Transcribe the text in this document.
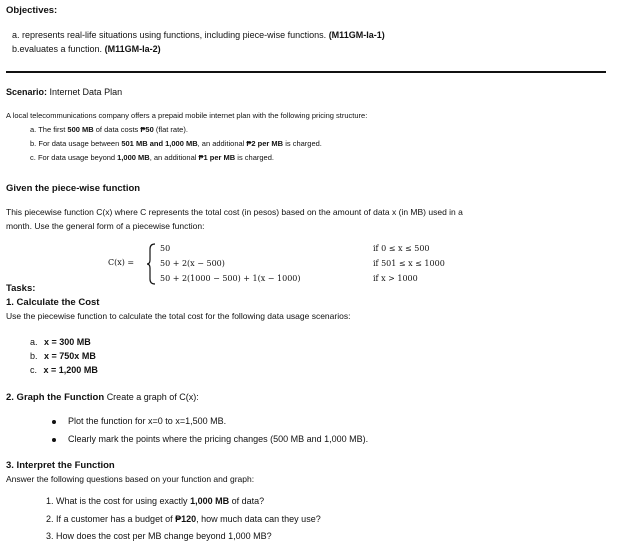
Objectives:
a. represents real-life situations using functions, including piece-wise functions. (M11GM-Ia-1)
b.evaluates a function. (M11GM-Ia-2)
Scenario: Internet Data Plan
A local telecommunications company offers a prepaid mobile internet plan with the following pricing structure:
a. The first 500 MB of data costs ₱50 (flat rate).
b. For data usage between 501 MB and 1,000 MB, an additional ₱2 per MB is charged.
c. For data usage beyond 1,000 MB, an additional ₱1 per MB is charged.
Given the piece-wise function
This piecewise function C(x) where C represents the total cost (in pesos) based on the amount of data x (in MB) used in a
month. Use the general form of a piecewise function:
C(x) =
50	if 0 ≤ x ≤ 500
50 + 2(x − 500)	if 501 ≤ x ≤ 1000
50 + 2(1000 − 500) + 1(x − 1000)	if x > 1000
Tasks:
1. Calculate the Cost
Use the piecewise function to calculate the total cost for the following data usage scenarios:
a. x = 300 MB
b. x = 750x MB
c. x = 1,200 MB
2. Graph the Function Create a graph of C(x):
Plot the function for x=0 to x=1,500 MB.
Clearly mark the points where the pricing changes (500 MB and 1,000 MB).
3. Interpret the Function
Answer the following questions based on your function and graph:
1. What is the cost for using exactly 1,000 MB of data?
2. If a customer has a budget of ₱120, how much data can they use?
3. How does the cost per MB change beyond 1,000 MB?
